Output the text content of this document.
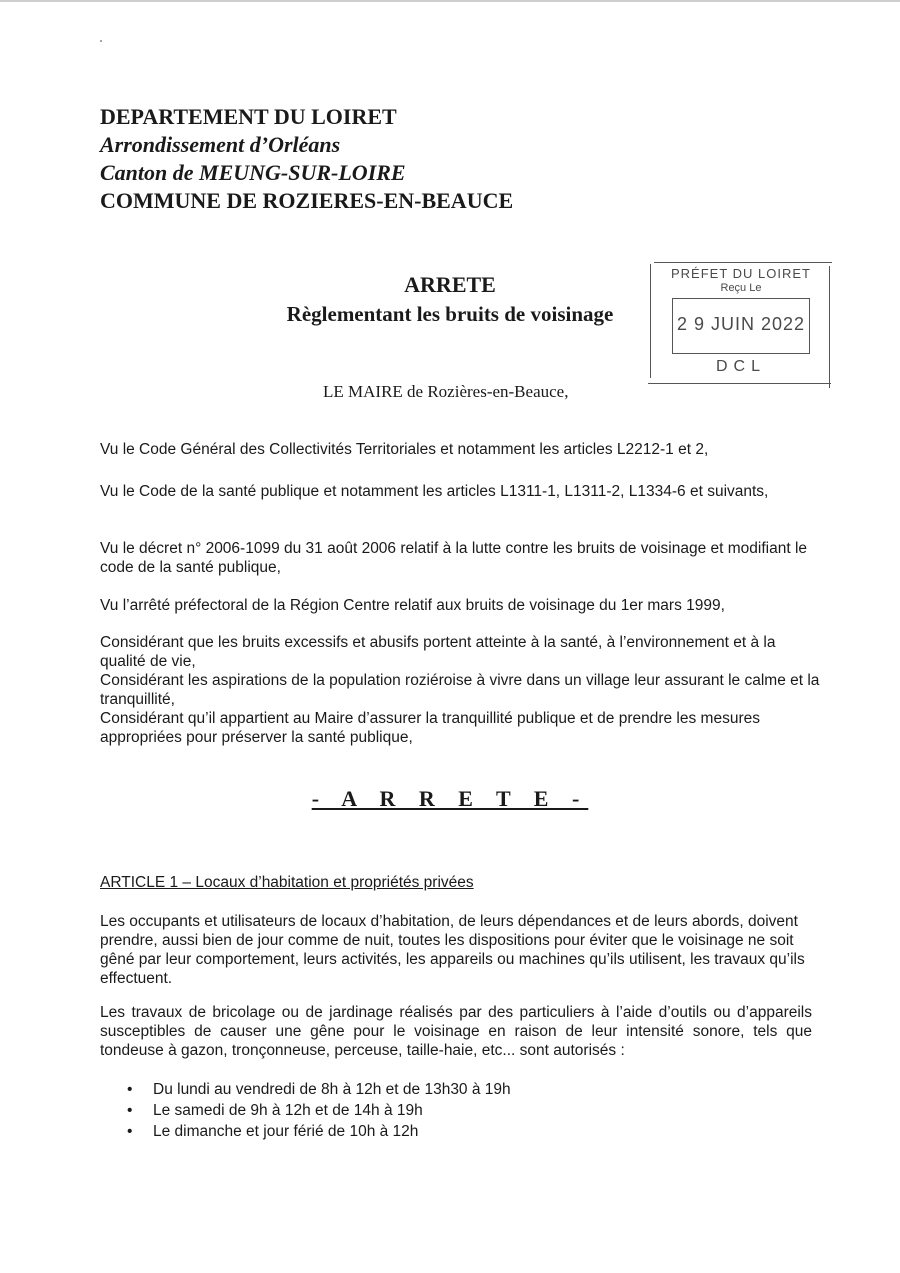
DEPARTEMENT DU LOIRET
Arrondissement d’Orléans
Canton de MEUNG-SUR-LOIRE
COMMUNE DE ROZIERES-EN-BEAUCE
ARRETE
Règlementant les bruits de voisinage
PRÉFET DU LOIRET
Reçu Le
2 9 JUIN 2022
DCL
LE MAIRE de Rozières-en-Beauce,

Vu le Code Général des Collectivités Territoriales et notamment les articles L2212-1 et 2,

Vu le Code de la santé publique et notamment les articles L1311-1, L1311-2, L1334-6 et suivants,

Vu le décret n° 2006-1099 du 31 août 2006 relatif à la lutte contre les bruits de voisinage et modifiant le code de la santé publique,

Vu l’arrêté préfectoral de la Région Centre relatif aux bruits de voisinage du 1er mars 1999,

Considérant que les bruits excessifs et abusifs portent atteinte à la santé, à l’environnement et à la qualité de vie,

Considérant les aspirations de la population roziéroise à vivre dans un village leur assurant le calme et la tranquillité,

Considérant qu’il appartient au Maire d’assurer la tranquillité publique et de prendre les mesures appropriées pour préserver la santé publique,

- A R R E T E -
ARTICLE 1 – Locaux d’habitation et propriétés privées

Les occupants et utilisateurs de locaux d’habitation, de leurs dépendances et de leurs abords, doivent prendre, aussi bien de jour comme de nuit, toutes les dispositions pour éviter que le voisinage ne soit gêné par leur comportement, leurs activités, les appareils ou machines qu’ils utilisent, les travaux qu’ils effectuent.

Les travaux de bricolage ou de jardinage réalisés par des particuliers à l’aide d’outils ou d’appareils susceptibles de causer une gêne pour le voisinage en raison de leur intensité sonore, tels que tondeuse à gazon, tronçonneuse, perceuse, taille-haie, etc... sont autorisés :

• Du lundi au vendredi de 8h à 12h et de 13h30 à 19h
• Le samedi de 9h à 12h et de 14h à 19h
• Le dimanche et jour férié de 10h à 12h
